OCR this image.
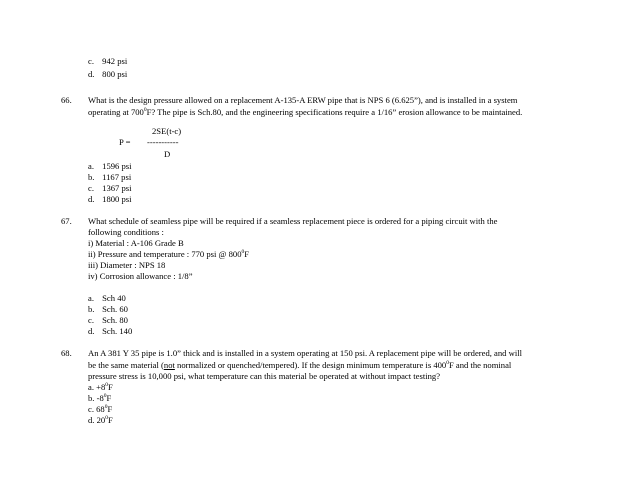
c. 942 psi
d. 800 psi
66. What is the design pressure allowed on a replacement A-135-A ERW pipe that is NPS 6 (6.625”), and is installed in a system
operating at $700^0F$? The pipe is Sch.80, and the engineering specifications require a 1/16” erosion allowance to be maintained.
2SE(t-c)
P = -----------
D
a. 1596 psi
b. 1167 psi
c. 1367 psi
d. 1800 psi
67. What schedule of seamless pipe will be required if a seamless replacement piece is ordered for a piping circuit with the
following conditions :
i) Material : A-106 Grade B
ii) Pressure and temperature : 770 psi @ $800^0F$
iii) Diameter : NPS 18
iv) Corrosion allowance : 1/8”
a. Sch 40
b. Sch. 60
c. Sch. 80
d. Sch. 140
68. An A 381 Y 35 pipe is 1.0” thick and is installed in a system operating at 150 psi. A replacement pipe will be ordered, and will
be the same material (not normalized or quenched/tempered). If the design minimum temperature is $400^0F$ and the nominal
pressure stress is 10,000 psi, what temperature can this material be operated at without impact testing?
a. $+8^0F$
b. $-8^0F$
c. $68^0F$
d. $20^0F$
